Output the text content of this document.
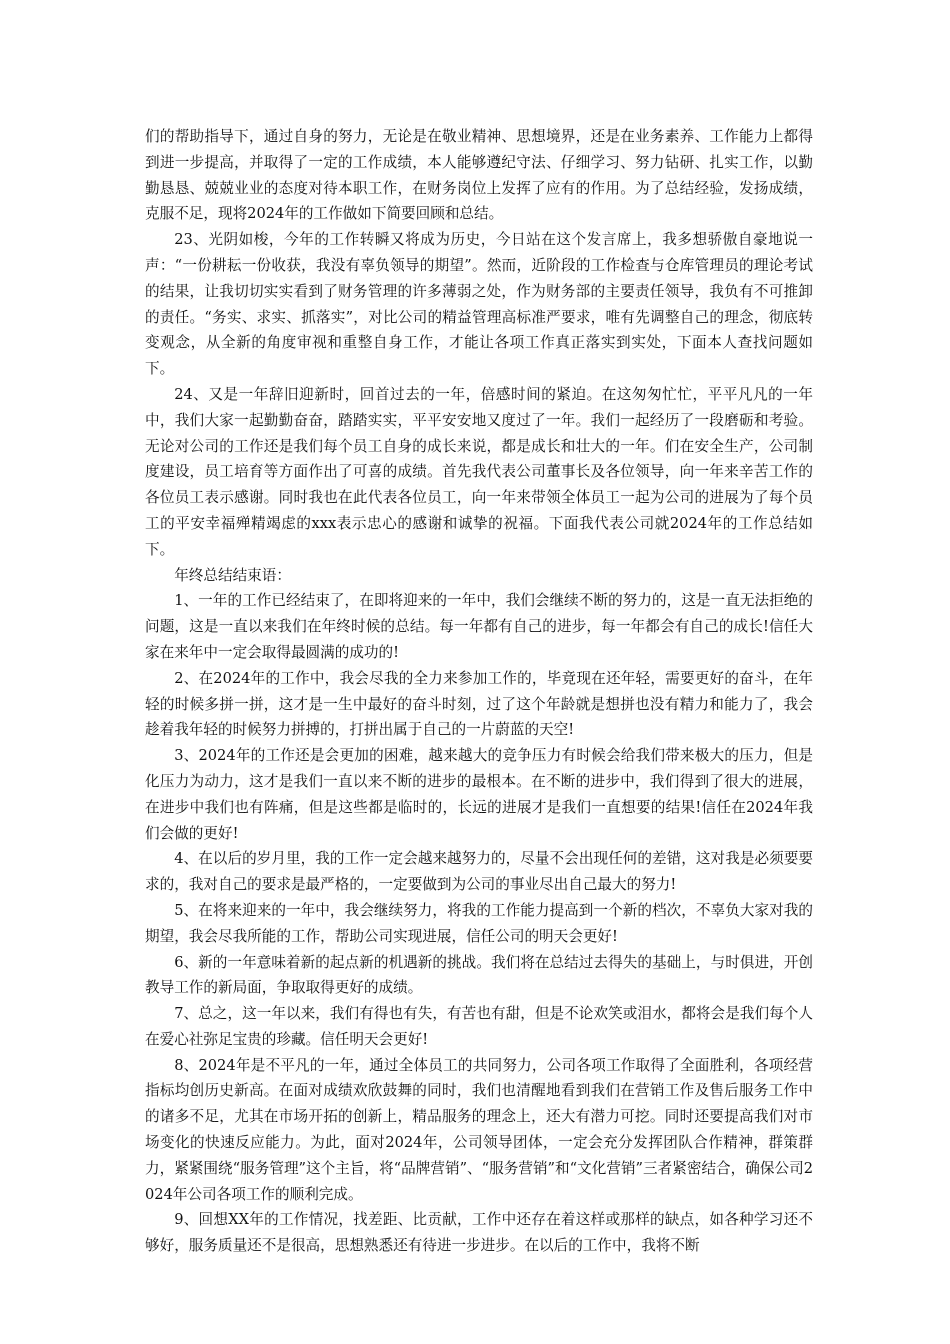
们的帮助指导下，通过自身的努力，无论是在敬业精神、思想境界，还是在业务素养、工作能力上都得到进一步提高，并取得了一定的工作成绩，本人能够遵纪守法、仔细学习、努力钻研、扎实工作，以勤勤恳恳、兢兢业业的态度对待本职工作，在财务岗位上发挥了应有的作用。为了总结经验，发扬成绩，克服不足，现将2024年的工作做如下简要回顾和总结。

23、光阴如梭，今年的工作转瞬又将成为历史，今日站在这个发言席上，我多想骄傲自豪地说一声：“一份耕耘一份收获，我没有辜负领导的期望”。然而，近阶段的工作检查与仓库管理员的理论考试的结果，让我切切实实看到了财务管理的许多薄弱之处，作为财务部的主要责任领导，我负有不可推卸的责任。“务实、求实、抓落实”，对比公司的精益管理高标准严要求，唯有先调整自己的理念，彻底转变观念，从全新的角度审视和重整自身工作，才能让各项工作真正落实到实处，下面本人查找问题如下。

24、又是一年辞旧迎新时，回首过去的一年，倍感时间的紧迫。在这匆匆忙忙，平平凡凡的一年中，我们大家一起勤勤奋奋，踏踏实实，平平安安地又度过了一年。我们一起经历了一段磨砺和考验。无论对公司的工作还是我们每个员工自身的成长来说，都是成长和壮大的一年。们在安全生产，公司制度建设，员工培育等方面作出了可喜的成绩。首先我代表公司董事长及各位领导，向一年来辛苦工作的各位员工表示感谢。同时我也在此代表各位员工，向一年来带领全体员工一起为公司的进展为了每个员工的平安幸福殚精竭虑的xxx表示忠心的感谢和诚挚的祝福。下面我代表公司就2024年的工作总结如下。

年终总结结束语：

1、一年的工作已经结束了，在即将迎来的一年中，我们会继续不断的努力的，这是一直无法拒绝的问题，这是一直以来我们在年终时候的总结。每一年都有自己的进步，每一年都会有自己的成长!信任大家在来年中一定会取得最圆满的成功的!

2、在2024年的工作中，我会尽我的全力来参加工作的，毕竟现在还年轻，需要更好的奋斗，在年轻的时候多拼一拼，这才是一生中最好的奋斗时刻，过了这个年龄就是想拼也没有精力和能力了，我会趁着我年轻的时候努力拼搏的，打拼出属于自己的一片蔚蓝的天空!

3、2024年的工作还是会更加的困难，越来越大的竞争压力有时候会给我们带来极大的压力，但是化压力为动力，这才是我们一直以来不断的进步的最根本。在不断的进步中，我们得到了很大的进展，在进步中我们也有阵痛，但是这些都是临时的，长远的进展才是我们一直想要的结果!信任在2024年我们会做的更好!

4、在以后的岁月里，我的工作一定会越来越努力的，尽量不会出现任何的差错，这对我是必须要要求的，我对自己的要求是最严格的，一定要做到为公司的事业尽出自己最大的努力!

5、在将来迎来的一年中，我会继续努力，将我的工作能力提高到一个新的档次，不辜负大家对我的期望，我会尽我所能的工作，帮助公司实现进展，信任公司的明天会更好!

6、新的一年意味着新的起点新的机遇新的挑战。我们将在总结过去得失的基础上，与时俱进，开创教导工作的新局面，争取取得更好的成绩。

7、总之，这一年以来，我们有得也有失，有苦也有甜，但是不论欢笑或泪水，都将会是我们每个人在爱心社弥足宝贵的珍藏。信任明天会更好!

8、2024年是不平凡的一年，通过全体员工的共同努力，公司各项工作取得了全面胜利，各项经营指标均创历史新高。在面对成绩欢欣鼓舞的同时，我们也清醒地看到我们在营销工作及售后服务工作中的诸多不足，尤其在市场开拓的创新上，精品服务的理念上，还大有潜力可挖。同时还要提高我们对市场变化的快速反应能力。为此，面对2024年，公司领导团体，一定会充分发挥团队合作精神，群策群力，紧紧围绕“服务管理”这个主旨，将“品牌营销”、“服务营销”和“文化营销”三者紧密结合，确保公司2024年公司各项工作的顺利完成。

9、回想XX年的工作情况，找差距、比贡献，工作中还存在着这样或那样的缺点，如各种学习还不够好，服务质量还不是很高，思想熟悉还有待进一步进步。在以后的工作中，我将不断
